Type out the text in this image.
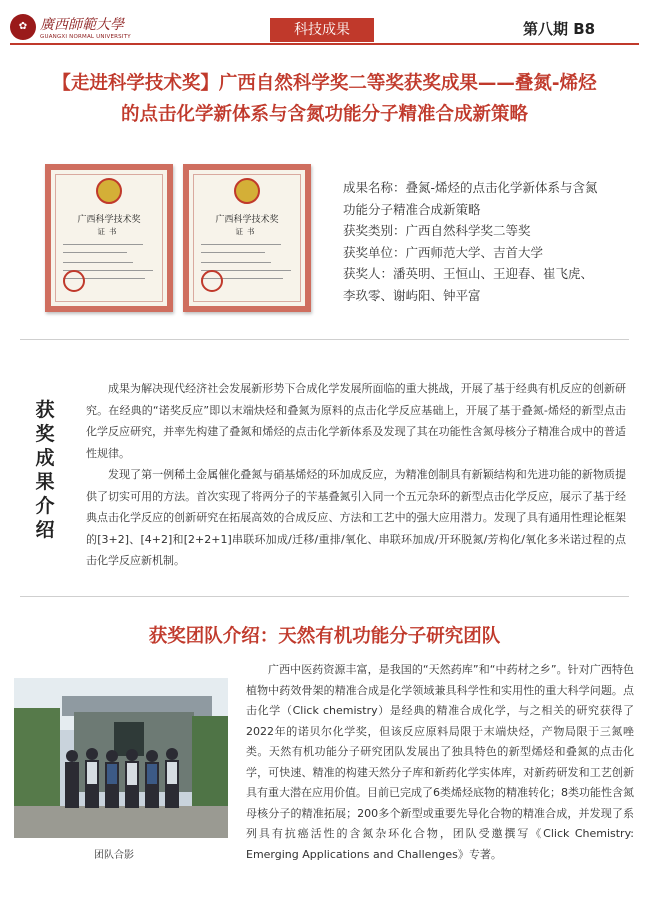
✿ 廣西師範大學
GUANGXI NORMAL UNIVERSITY	科技成果	第八期 B8
【走进科学技术奖】广西自然科学奖二等奖获奖成果——叠氮-烯烃
的点击化学新体系与含氮功能分子精准合成新策略
广西科学技术奖
证书
广西科学技术奖
证书

成果名称：叠氮-烯烃的点击化学新体系与含氮

功能分子精准合成新策略

获奖类别：广西自然科学奖二等奖

获奖单位：广西师范大学、吉首大学

获奖人：潘英明、王恒山、王迎春、崔飞虎、

李玖零、谢屿阳、钟平富

获
奖
成
果
介
绍

成果为解决现代经济社会发展新形势下合成化学发展所面临的重大挑战，开展了基于经典有机反应的创新研究。在经典的“诺奖反应”即以末端炔烃和叠氮为原料的点击化学反应基础上，开展了基于叠氮-烯烃的新型点击化学反应研究，并率先构建了叠氮和烯烃的点击化学新体系及发现了其在功能性含氮母核分子精准合成中的普适性规律。

发现了第一例稀土金属催化叠氮与硝基烯烃的环加成反应，为精准创制具有新颖结构和先进功能的新物质提供了切实可用的方法。首次实现了将两分子的苄基叠氮引入同一个五元杂环的新型点击化学反应，展示了基于经典点击化学反应的创新研究在拓展高效的合成反应、方法和工艺中的强大应用潜力。发现了具有通用性理论框架的[3+2]、[4+2]和[2+2+1]串联环加成/迁移/重排/氧化、串联环加成/开环脱氮/芳构化/氧化多米诺过程的点击化学反应新机制。

获奖团队介绍：天然有机功能分子研究团队
团队合影

广西中医药资源丰富，是我国的“天然药库”和“中药材之乡”。针对广西特色植物中药效骨架的精准合成是化学领域兼具科学性和实用性的重大科学问题。点击化学（Click chemistry）是经典的精准合成化学，与之相关的研究获得了2022年的诺贝尔化学奖，但该反应原料局限于末端炔烃，产物局限于三氮唑类。天然有机功能分子研究团队发展出了独具特色的新型烯烃和叠氮的点击化学，可快速、精准的构建天然分子库和新药化学实体库，对新药研发和工艺创新具有重大潜在应用价值。目前已完成了6类烯烃底物的精准转化；8类功能性含氮母核分子的精准拓展；200多个新型或重要先导化合物的精准合成，并发现了系列具有抗癌活性的含氮杂环化合物，团队受邀撰写《Click Chemistry: Emerging Applications and Challenges》专著。
